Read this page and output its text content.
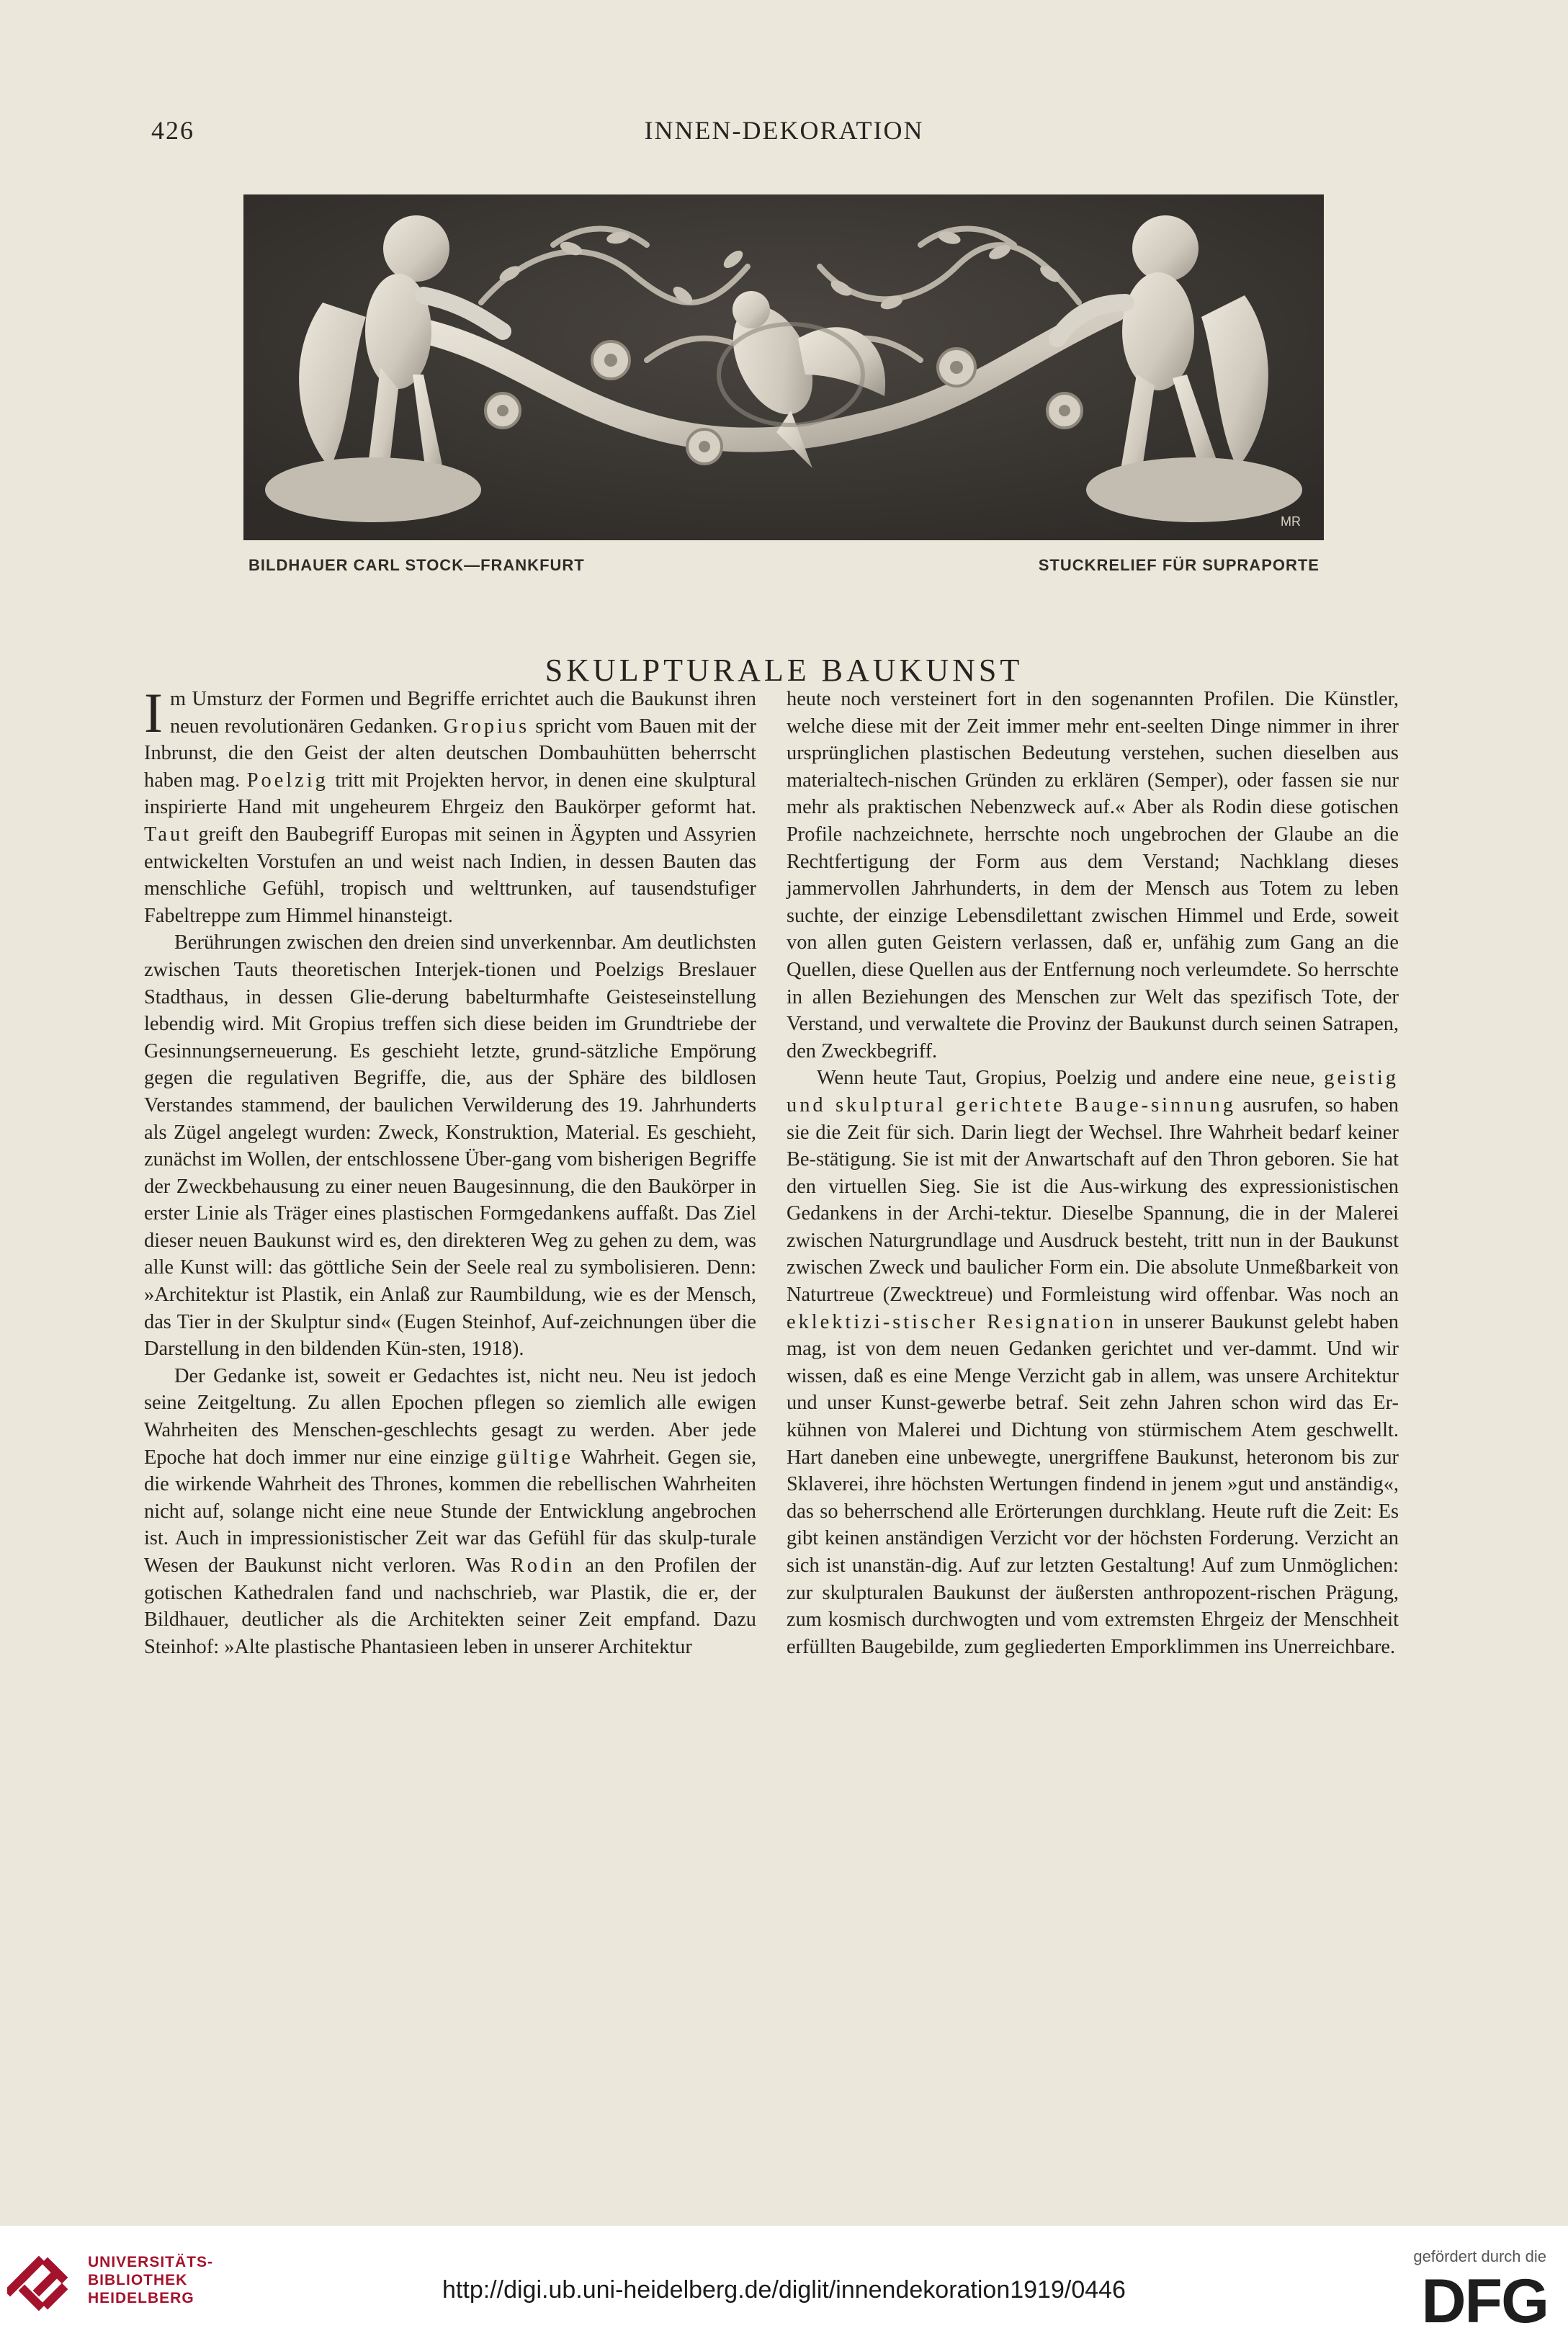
426	INNEN-DEKORATION
MR
BILDHAUER CARL STOCK—FRANKFURT	STUCKRELIEF FÜR SUPRAPORTE
SKULPTURALE BAUKUNST

Im Umsturz der Formen und Begriffe errichtet auch die Baukunst ihren neuen revolutionären Gedanken. Gropius spricht vom Bauen mit der Inbrunst, die den Geist der alten deutschen Dombauhütten beherrscht haben mag. Poelzig tritt mit Projekten hervor, in denen eine skulptural inspirierte Hand mit ungeheurem Ehrgeiz den Baukörper geformt hat. Taut greift den Baubegriff Europas mit seinen in Ägypten und Assyrien entwickelten Vorstufen an und weist nach Indien, in dessen Bauten das menschliche Gefühl, tropisch und welttrunken, auf tausendstufiger Fabeltreppe zum Himmel hinansteigt.

Berührungen zwischen den dreien sind unverkennbar. Am deutlichsten zwischen Tauts theoretischen Interjek-tionen und Poelzigs Breslauer Stadthaus, in dessen Glie-derung babelturmhafte Geisteseinstellung lebendig wird. Mit Gropius treffen sich diese beiden im Grundtriebe der Gesinnungserneuerung. Es geschieht letzte, grund-sätzliche Empörung gegen die regulativen Begriffe, die, aus der Sphäre des bildlosen Verstandes stammend, der baulichen Verwilderung des 19. Jahrhunderts als Zügel angelegt wurden: Zweck, Konstruktion, Material. Es geschieht, zunächst im Wollen, der entschlossene Über-gang vom bisherigen Begriffe der Zweckbehausung zu einer neuen Baugesinnung, die den Baukörper in erster Linie als Träger eines plastischen Formgedankens auffaßt. Das Ziel dieser neuen Baukunst wird es, den direkteren Weg zu gehen zu dem, was alle Kunst will: das göttliche Sein der Seele real zu symbolisieren. Denn: »Architektur ist Plastik, ein Anlaß zur Raumbildung, wie es der Mensch, das Tier in der Skulptur sind« (Eugen Steinhof, Auf-zeichnungen über die Darstellung in den bildenden Kün-sten, 1918).

Der Gedanke ist, soweit er Gedachtes ist, nicht neu. Neu ist jedoch seine Zeitgeltung. Zu allen Epochen pflegen so ziemlich alle ewigen Wahrheiten des Menschen-geschlechts gesagt zu werden. Aber jede Epoche hat doch immer nur eine einzige gültige Wahrheit. Gegen sie, die wirkende Wahrheit des Thrones, kommen die rebellischen Wahrheiten nicht auf, solange nicht eine neue Stunde der Entwicklung angebrochen ist. Auch in impressionistischer Zeit war das Gefühl für das skulp-turale Wesen der Baukunst nicht verloren. Was Rodin an den Profilen der gotischen Kathedralen fand und nachschrieb, war Plastik, die er, der Bildhauer, deutlicher als die Architekten seiner Zeit empfand. Dazu Steinhof: »Alte plastische Phantasieen leben in unserer Architektur

heute noch versteinert fort in den sogenannten Profilen. Die Künstler, welche diese mit der Zeit immer mehr ent-seelten Dinge nimmer in ihrer ursprünglichen plastischen Bedeutung verstehen, suchen dieselben aus materialtech-nischen Gründen zu erklären (Semper), oder fassen sie nur mehr als praktischen Nebenzweck auf.« Aber als Rodin diese gotischen Profile nachzeichnete, herrschte noch ungebrochen der Glaube an die Rechtfertigung der Form aus dem Verstand; Nachklang dieses jammervollen Jahrhunderts, in dem der Mensch aus Totem zu leben suchte, der einzige Lebensdilettant zwischen Himmel und Erde, soweit von allen guten Geistern verlassen, daß er, unfähig zum Gang an die Quellen, diese Quellen aus der Entfernung noch verleumdete. So herrschte in allen Beziehungen des Menschen zur Welt das spezifisch Tote, der Verstand, und verwaltete die Provinz der Baukunst durch seinen Satrapen, den Zweckbegriff.

Wenn heute Taut, Gropius, Poelzig und andere eine neue, geistig und skulptural gerichtete Bauge-sinnung ausrufen, so haben sie die Zeit für sich. Darin liegt der Wechsel. Ihre Wahrheit bedarf keiner Be-stätigung. Sie ist mit der Anwartschaft auf den Thron geboren. Sie hat den virtuellen Sieg. Sie ist die Aus-wirkung des expressionistischen Gedankens in der Archi-tektur. Dieselbe Spannung, die in der Malerei zwischen Naturgrundlage und Ausdruck besteht, tritt nun in der Baukunst zwischen Zweck und baulicher Form ein. Die absolute Unmeßbarkeit von Naturtreue (Zwecktreue) und Formleistung wird offenbar. Was noch an eklektizi-stischer Resignation in unserer Baukunst gelebt haben mag, ist von dem neuen Gedanken gerichtet und ver-dammt. Und wir wissen, daß es eine Menge Verzicht gab in allem, was unsere Architektur und unser Kunst-gewerbe betraf. Seit zehn Jahren schon wird das Er-kühnen von Malerei und Dichtung von stürmischem Atem geschwellt. Hart daneben eine unbewegte, unergriffene Baukunst, heteronom bis zur Sklaverei, ihre höchsten Wertungen findend in jenem »gut und anständig«, das so beherrschend alle Erörterungen durchklang. Heute ruft die Zeit: Es gibt keinen anständigen Verzicht vor der höchsten Forderung. Verzicht an sich ist unanstän-dig. Auf zur letzten Gestaltung! Auf zum Unmöglichen: zur skulpturalen Baukunst der äußersten anthropozent-rischen Prägung, zum kosmisch durchwogten und vom extremsten Ehrgeiz der Menschheit erfüllten Baugebilde, zum gegliederten Emporklimmen ins Unerreichbare.

UNIVERSITÄTS-
BIBLIOTHEK
HEIDELBERG	http://digi.ub.uni-heidelberg.de/diglit/innendekoration1919/0446
gefördert durch die
DFG
